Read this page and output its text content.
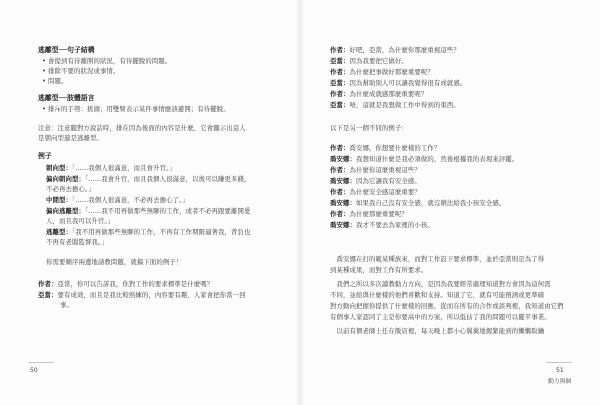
逃離型──句子結構
• 會提到有待離開的狀況，有待擺脫的問題。
• 排除不要的狀況或事情。
• 問題。
逃離型──肢體語言
• 排斥的手勢：搖頭；用雙臂表示某件事情應該避開；有待擺脫。
注意：注意聽對方說話時，排在因為後面的內容是什麼，它會顯示出這人
是朝向型還是逃離型。
例子
朝向型：「……我個人很滿意，而且會升官。」
偏向朝向型：「……我會升官，而且我個人很滿意，以後可以賺更多錢，
不必再去擔心。」
中間型：「……我個人很滿意，不必再去擔心了。」
偏向逃離型：「……我不用再做那些無聊的工作，或者不必再跟要離開愛
人，而且我可以升官。」
逃離型：「我不用再做那些無聊的工作，不再有工作期限逼著我，背負也
不再有老闆監督我。」
你需要順序兩邊地請教問題，就搞下面的例子！
作者：亞當，你可以告訴我，你對工作的要求標準是什麼嗎？
亞當：要有成效，而且是我比較熟練的，內容要有趣，人家會把你當一回
事。
50
作者：好吧，亞當，為什麼你那麼重視這些？
亞當：因為我要把它做好。
作者：為什麼把事做好那麼重要呢？
亞當：因為幫助別人可以讓我覺得很有成就感。
作者：為什麼成就感那麼重要呢？
亞當：唔，這就是我想做工作中得到的東西。
以下是另一個不同的例子：
作者：喬安娜，你想要什麼樣的工作？
喬安娜：我想知道什麼是我必須做的，然後根據我的表現來評鑑。
作者：為什麼你這麼重視這些？
喬安娜：因為它讓我有安全感。
作者：為什麼安全感這麼重要？
喬安娜：如果我自己沒有安全感，就沒辦法給我小孩安全感。
作者：為什麼那麼重要呢？
喬安娜：我才不要去為家裡的小孩。
　喬安娜在打的範某種族來，而對工作設下要求標準，並於亞當則是為了得
到某種成果，而對工作有所要求。
　我們之所以多次讀教動力方向，是因為我要經常處理知道對方會因為這何需
不同，並給與什麼樣的他們喜歡和支持。知道了它，就有可能預測或更準確
對方動向把握你提供了什麼樣的回應，從而在所有的合作或談判裡，我知道由它們
有個事人家認同了主是你要高中的方案，所以低估了我的問題可以擺平事業。
　以前有個老師上任在飯店裡，每天晚上都小心翼翼地握緊能到的懶懶取鑰
51
動力與個
